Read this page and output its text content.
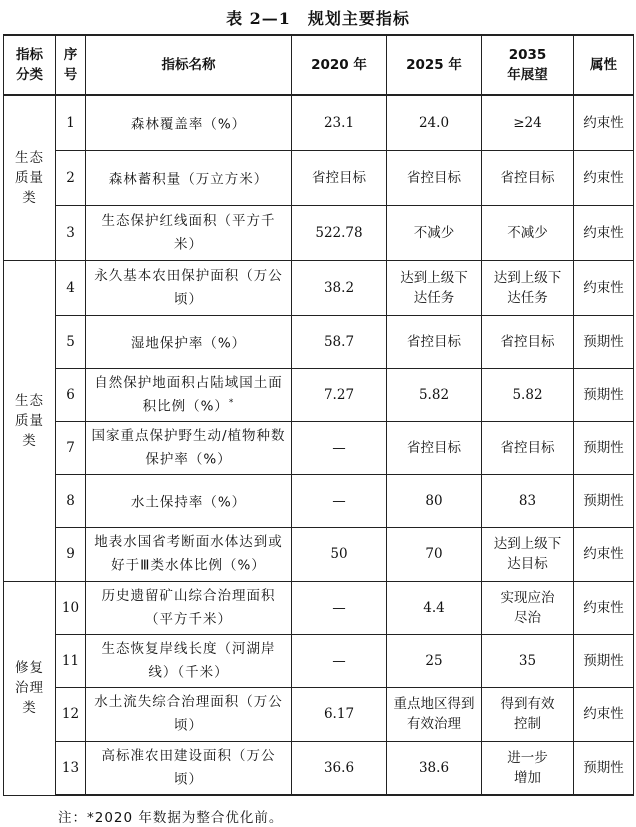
表 2—1　规划主要指标
指标分类	序号	指标名称	2020 年	2025 年	2035 年展望	属性
生态质量类	1	森林覆盖率（%）	23.1	24.0	≥24	约束性
	2	森林蓄积量（万立方米）	省控目标	省控目标	省控目标	约束性
	3	生态保护红线面积（平方千米）	522.78	不减少	不减少	约束性
生态质量类	4	永久基本农田保护面积（万公顷）	38.2	达到上级下达任务	达到上级下达任务	约束性
	5	湿地保护率（%）	58.7	省控目标	省控目标	预期性
	6	自然保护地面积占陆域国土面积比例（%）*	7.27	5.82	5.82	预期性
	7	国家重点保护野生动/植物种数保护率（%）	—	省控目标	省控目标	预期性
	8	水土保持率（%）	—	80	83	预期性
	9	地表水国省考断面水体达到或好于Ⅲ类水体比例（%）	50	70	达到上级下达目标	约束性
修复治理类	10	历史遗留矿山综合治理面积（平方千米）	—	4.4	实现应治尽治	约束性
	11	生态恢复岸线长度（河湖岸线）（千米）	—	25	35	预期性
	12	水土流失综合治理面积（万公顷）	6.17	重点地区得到有效治理	得到有效控制	约束性
	13	高标准农田建设面积（万公顷）	36.6	38.6	进一步增加	预期性
注：*2020 年数据为整合优化前。
